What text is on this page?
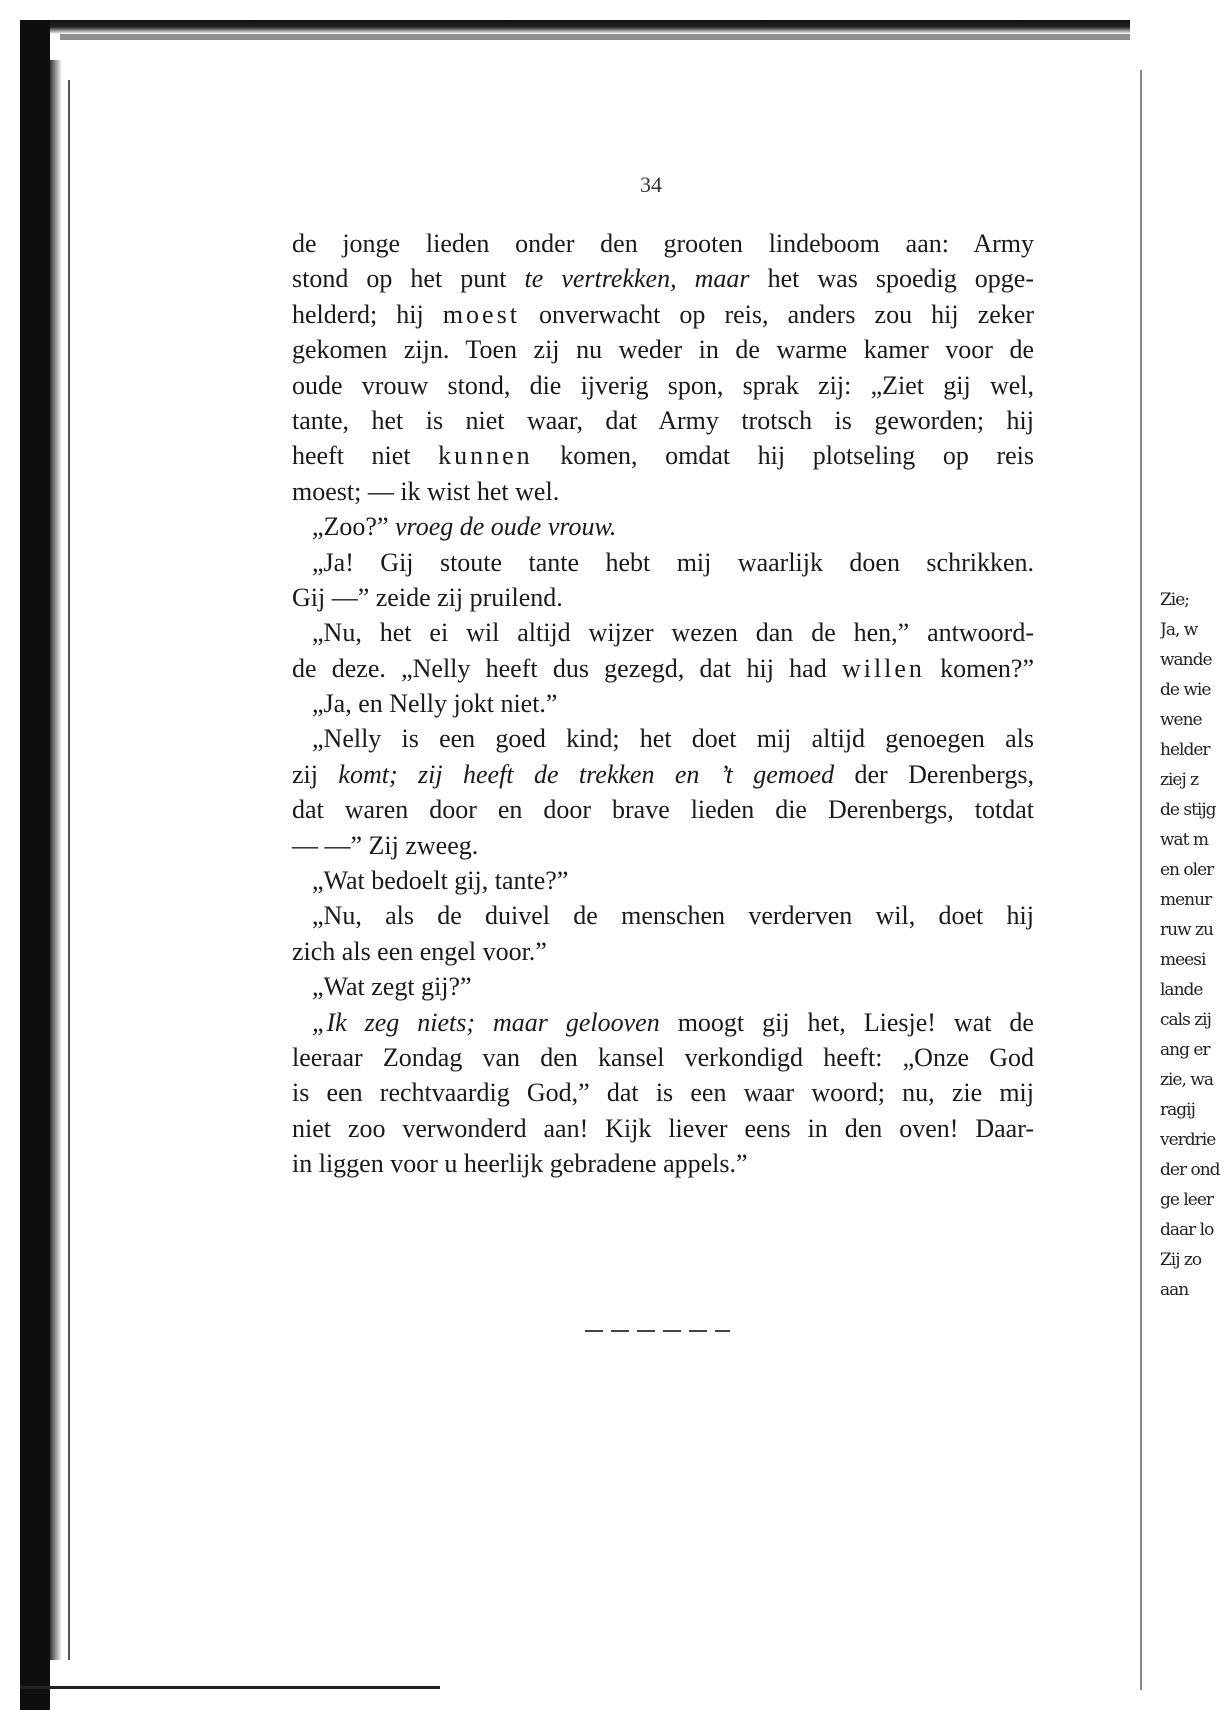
Zie;
Ja, w
wande
de wie
wene
helder
ziej z
de stijg
wat m
en oler
menur
ruw zu
meesi
lande
cals zij
ang er
zie, wa
ragij
verdrie
der ond
ge leer
daar lo
Zij zo
aan
34
de jonge lieden onder den grooten lindeboom aan: Army
stond op het punt te vertrekken, maar het was spoedig opge-
helderd; hij moest onverwacht op reis, anders zou hij zeker
gekomen zijn. Toen zij nu weder in de warme kamer voor de
oude vrouw stond, die ijverig spon, sprak zij: „Ziet gij wel,
tante, het is niet waar, dat Army trotsch is geworden; hij
heeft niet kunnen komen, omdat hij plotseling op reis
moest; — ik wist het wel.
„Zoo?” vroeg de oude vrouw.
„Ja! Gij stoute tante hebt mij waarlijk doen schrikken.
Gij —” zeide zij pruilend.
„Nu, het ei wil altijd wijzer wezen dan de hen,” antwoord-
de deze. „Nelly heeft dus gezegd, dat hij had willen komen?”
„Ja, en Nelly jokt niet.”
„Nelly is een goed kind; het doet mij altijd genoegen als
zij komt; zij heeft de trekken en ’t gemoed der Derenbergs,
dat waren door en door brave lieden die Derenbergs, totdat
— —” Zij zweeg.
„Wat bedoelt gij, tante?”
„Nu, als de duivel de menschen verderven wil, doet hij
zich als een engel voor.”
„Wat zegt gij?”
„Ik zeg niets; maar gelooven moogt gij het, Liesje! wat de
leeraar Zondag van den kansel verkondigd heeft: „Onze God
is een rechtvaardig God,” dat is een waar woord; nu, zie mij
niet zoo verwonderd aan! Kijk liever eens in den oven! Daar-
in liggen voor u heerlijk gebradene appels.”
